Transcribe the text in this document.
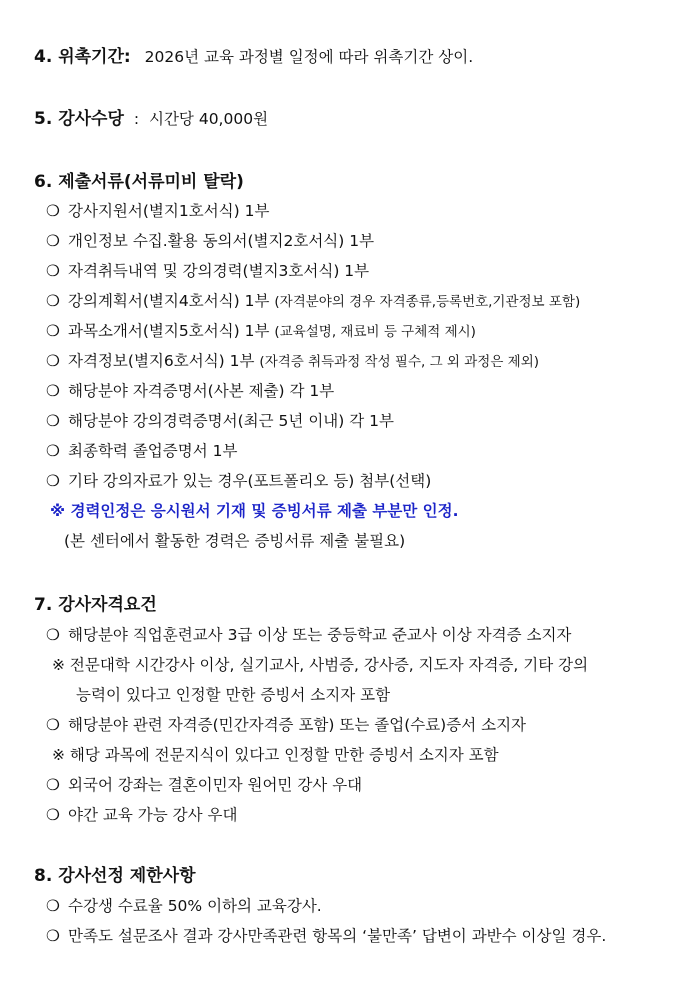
4. 위촉기간: 2026년 교육 과정별 일정에 따라 위촉기간 상이.
5. 강사수당 : 시간당 40,000원
6. 제출서류(서류미비 탈락)
❍ 강사지원서(별지1호서식) 1부
❍ 개인정보 수집.활용 동의서(별지2호서식) 1부
❍ 자격취득내역 및 강의경력(별지3호서식) 1부
❍ 강의계획서(별지4호서식) 1부 (자격분야의 경우 자격종류,등록번호,기관정보 포함)
❍ 과목소개서(별지5호서식) 1부 (교육설명, 재료비 등 구체적 제시)
❍ 자격정보(별지6호서식) 1부 (자격증 취득과정 작성 필수, 그 외 과정은 제외)
❍ 해당분야 자격증명서(사본 제출) 각 1부
❍ 해당분야 강의경력증명서(최근 5년 이내) 각 1부
❍ 최종학력 졸업증명서 1부
❍ 기타 강의자료가 있는 경우(포트폴리오 등) 첨부(선택)
※ 경력인정은 응시원서 기재 및 증빙서류 제출 부분만 인정.
(본 센터에서 활동한 경력은 증빙서류 제출 불필요)
7. 강사자격요건
❍ 해당분야 직업훈련교사 3급 이상 또는 중등학교 준교사 이상 자격증 소지자
※ 전문대학 시간강사 이상, 실기교사, 사범증, 강사증, 지도자 자격증, 기타 강의
능력이 있다고 인정할 만한 증빙서 소지자 포함
❍ 해당분야 관련 자격증(민간자격증 포함) 또는 졸업(수료)증서 소지자
※ 해당 과목에 전문지식이 있다고 인정할 만한 증빙서 소지자 포함
❍ 외국어 강좌는 결혼이민자 원어민 강사 우대
❍ 야간 교육 가능 강사 우대
8. 강사선정 제한사항
❍ 수강생 수료율 50% 이하의 교육강사.
❍ 만족도 설문조사 결과 강사만족관련 항목의 ‘불만족’ 답변이 과반수 이상일 경우.
